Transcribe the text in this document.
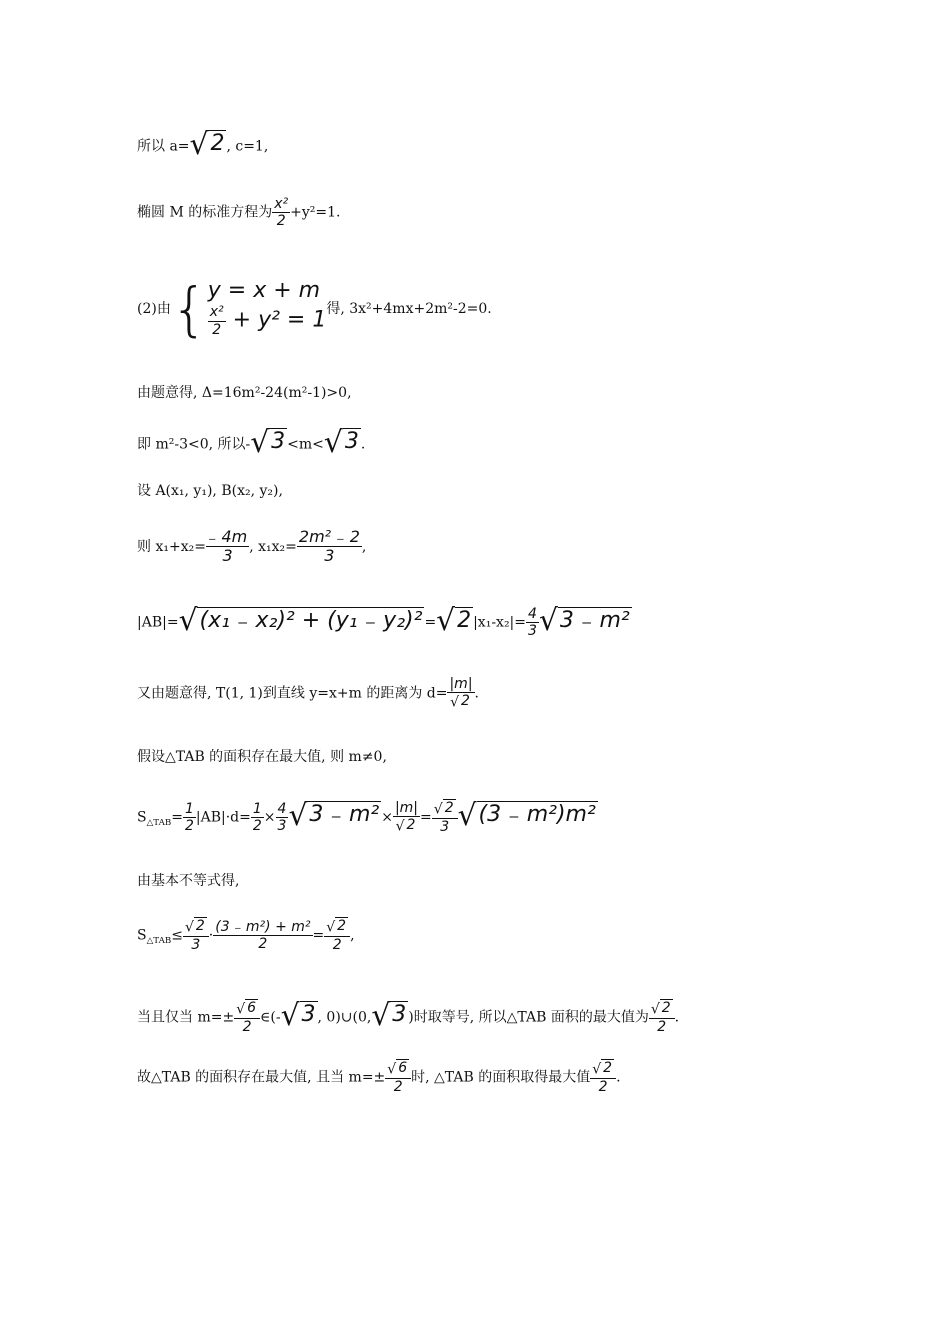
所以 a=√2 , c=1,
椭圆 M 的标准方程为 $\frac{\text{x²}}{2} +y^2=1$.
(2)由 { y = x + m
$\frac{\text{x²}}{2} + y^2 = 1$ 得, 3x²+4mx+2m²-2=0.
由题意得, Δ=16m²-24(m²-1)>0,
即 m²-3<0, 所以-√3 <m<√3 .
设 A(x₁, y₁), B(x₂, y₂),
则 $x_1+x_2= \frac{_- 4m}{3}$ , $x_1x_2= \frac{\text{2m² ₋ 2}}{3}$ ,
|AB|=√(x₁ ₋ x₂)² + (y₁ ₋ y₂)² =√2 $|x_1-x_2|= \frac{4}{3} √3$ ₋ m²
又由题意得, T(1, 1)到直线 y=x+m 的距离为 $d= \frac{|m|}{√ 2}$ .
假设△TAB 的面积存在最大值, 则 m≠0,
$S_{\triangle TAB}= \frac{1}{2} |AB|\cdot d= \frac{1}{2} \times \frac{4}{3} √3$ ₋ $m^2 \times \frac{|m|}{√ 2} = \frac{√ 2}{3} √(3$ ₋ m²)m²
由基本不等式得,
$S_{\triangle TAB}\le \frac{√ 2}{3} \cdot \frac{\text{(3 ₋ m²) + m²}}{2} = \frac{√ 2}{2}$ ,
当且仅当 $m=\pm \frac{√ 6}{2}$ ∈(-√3 , 0)∪(0,√3 )时取等号, 所以△TAB 面积的最大值为 $\frac{√ 2}{2}$ .
故△TAB 的面积存在最大值, 且当 $m=\pm \frac{√ 6}{2}$ 时, △TAB 的面积取得最大值 $\frac{√ 2}{2}$ .
